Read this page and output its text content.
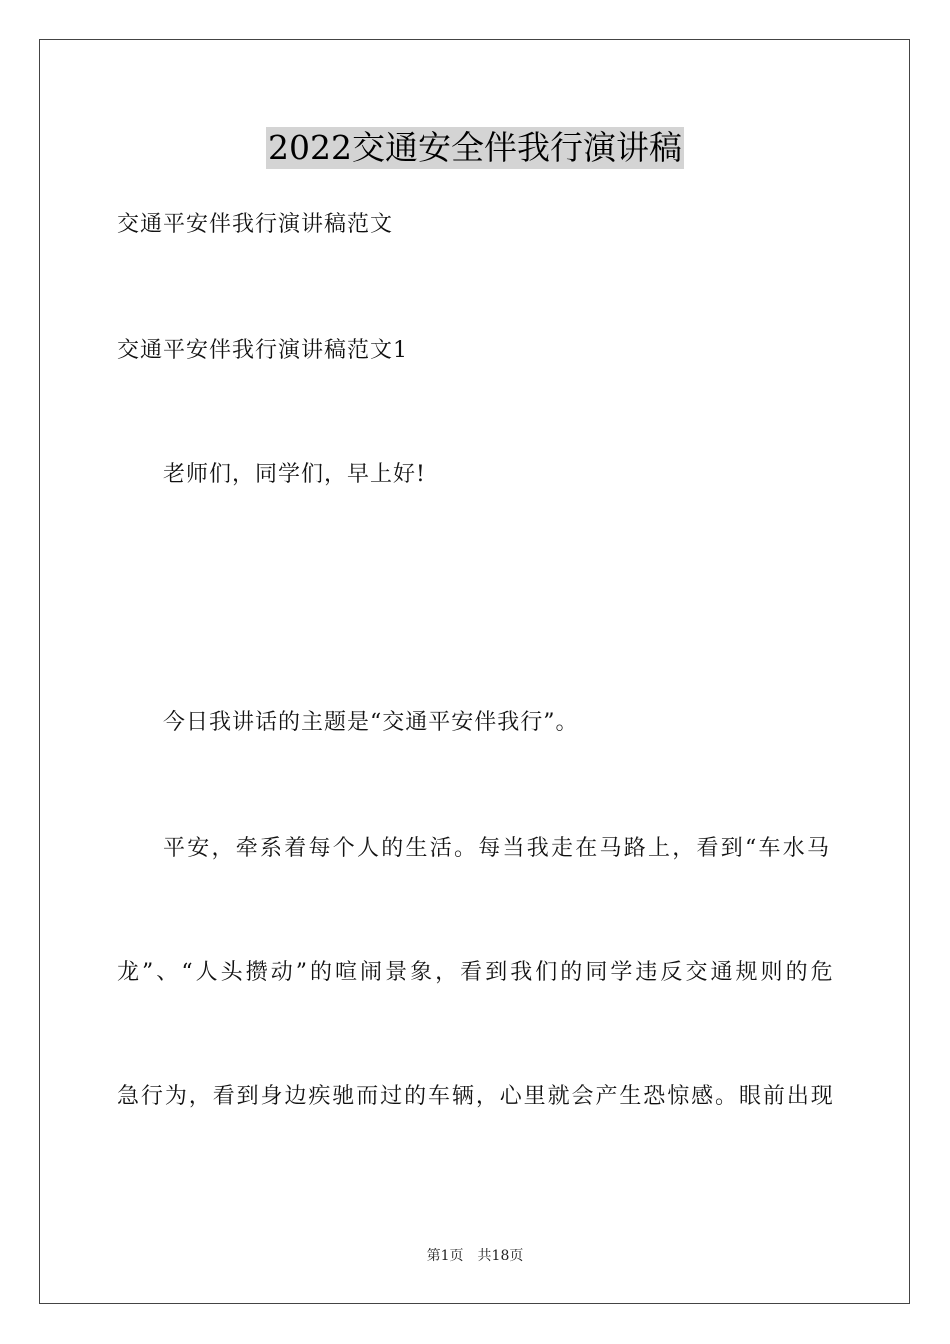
2022交通安全伴我行演讲稿
交通平安伴我行演讲稿范文
交通平安伴我行演讲稿范文1
老师们，同学们，早上好!
今日我讲话的主题是“交通平安伴我行”。
平 安 ， 牵 系 着 每 个 人 的 生 活 。 每 当 我 走 在 马 路 上 ， 看 到 “ 车 水 马
龙 ” 、 “ 人 头 攒 动 ” 的 喧 闹 景 象 ， 看 到 我 们 的 同 学 违 反 交 通 规 则 的 危
急 行 为 ， 看 到 身 边 疾 驰 而 过 的 车 辆 ， 心 里 就 会 产 生 恐 惊 感 。 眼 前 出 现
第1页 共18页
